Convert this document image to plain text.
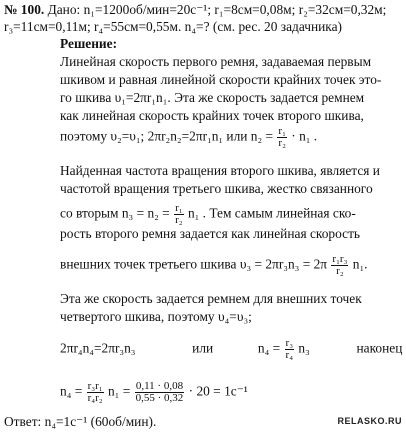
№ 100. Дано: n₁=1200об/мин=20с⁻¹; r₁=8см=0,08м; r₂=32см=0,32м;
r₃=11см=0,11м; r₄=55см=0,55м. n₄=? (см. рес. 20 задачника)
Решение:
Линейная скорость первого ремня, задаваемая первым
шкивом и равная линейной скорости крайних точек это-
го шкива υ₁=2πr₁n₁. Эта же скорость задается ремнем
как линейная скорость крайних точек второго шкива,
поэтому υ₂=υ₁; 2πr₂n₂=2πr₁n₁ или $n_2 = \frac{\text{r₁}}{\text{r₂}} \cdot n_1$ .
Найденная частота вращения второго шкива, является и
частотой вращения третьего шкива, жестко связанного
со вторым $n_3 = n_2 = \frac{\text{r₁}}{\text{r₂}} n_1$ . Тем самым линейная ско-
рость второго ремня задается как линейная скорость
внешних точек третьего шкива $\upsilon_3 = 2\pi r_3n_3 = 2\pi \frac{\text{r₁r₃}}{\text{r₂}} n_1$.
Эта же скорость задается ремнем для внешних точек
четвертого шкива, поэтому υ₄=υ₃;
2πr₄n₄=2πr₃n₃	или	$n_4 = \frac{\text{r₃}}{\text{r₄}} n_3$	наконец
$n_4 = \frac{\text{r₃r₁}}{\text{r₄r₂}} n_1 = \frac{0,11 \cdot 0,08}{0,55 \cdot 0,32} \cdot 20 = 1с^{-1}$
Ответ: n₄=1с⁻¹ (60об/мин).	RELASKO.RU
